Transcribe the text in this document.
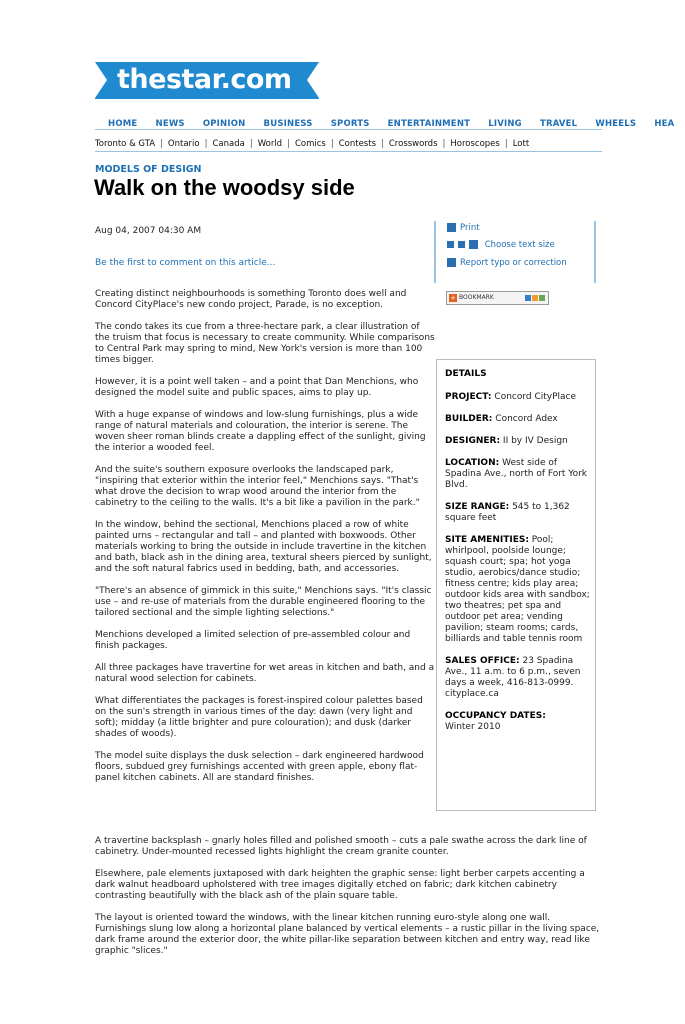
thestar.com
HOME NEWS OPINION BUSINESS SPORTS ENTERTAINMENT LIVING TRAVEL WHEELS HEA
Toronto & GTA | Ontario | Canada | World | Comics | Contests | Crosswords | Horoscopes | Lott
MODELS OF DESIGN
Walk on the woodsy side
Aug 04, 2007 04:30 AM
Be the first to comment on this article...
Print
Choose text size
Report typo or correction
+ BOOKMARK

Creating distinct neighbourhoods is something Toronto does well and Concord CityPlace's new condo project, Parade, is no exception.

The condo takes its cue from a three-hectare park, a clear illustration of the truism that focus is necessary to create community. While comparisons to Central Park may spring to mind, New York's version is more than 100 times bigger.

However, it is a point well taken – and a point that Dan Menchions, who designed the model suite and public spaces, aims to play up.

With a huge expanse of windows and low-slung furnishings, plus a wide range of natural materials and colouration, the interior is serene. The woven sheer roman blinds create a dappling effect of the sunlight, giving the interior a wooded feel.

And the suite's southern exposure overlooks the landscaped park, "inspiring that exterior within the interior feel," Menchions says. "That's what drove the decision to wrap wood around the interior from the cabinetry to the ceiling to the walls. It's a bit like a pavilion in the park."

In the window, behind the sectional, Menchions placed a row of white painted urns – rectangular and tall – and planted with boxwoods. Other materials working to bring the outside in include travertine in the kitchen and bath, black ash in the dining area, textural sheers pierced by sunlight, and the soft natural fabrics used in bedding, bath, and accessories.

"There's an absence of gimmick in this suite," Menchions says. "It's classic use – and re-use of materials from the durable engineered flooring to the tailored sectional and the simple lighting selections."

Menchions developed a limited selection of pre-assembled colour and finish packages.

All three packages have travertine for wet areas in kitchen and bath, and a natural wood selection for cabinets.

What differentiates the packages is forest-inspired colour palettes based on the sun's strength in various times of the day: dawn (very light and soft); midday (a little brighter and pure colouration); and dusk (darker shades of woods).

The model suite displays the dusk selection – dark engineered hardwood floors, subdued grey furnishings accented with green apple, ebony flat-panel kitchen cabinets. All are standard finishes.

DETAILS
PROJECT: Concord CityPlace
BUILDER: Concord Adex
DESIGNER: II by IV Design
LOCATION: West side of Spadina Ave., north of Fort York Blvd.
SIZE RANGE: 545 to 1,362 square feet
SITE AMENITIES: Pool; whirlpool, poolside lounge; squash court; spa; hot yoga studio, aerobics/dance studio; fitness centre; kids play area; outdoor kids area with sandbox; two theatres; pet spa and outdoor pet area; vending pavilion; steam rooms; cards, billiards and table tennis room
SALES OFFICE: 23 Spadina Ave., 11 a.m. to 6 p.m., seven days a week, 416-813-0999. cityplace.ca
OCCUPANCY DATES:
Winter 2010

A travertine backsplash – gnarly holes filled and polished smooth – cuts a pale swathe across the dark line of cabinetry. Under-mounted recessed lights highlight the cream granite counter.

Elsewhere, pale elements juxtaposed with dark heighten the graphic sense: light berber carpets accenting a dark walnut headboard upholstered with tree images digitally etched on fabric; dark kitchen cabinetry contrasting beautifully with the black ash of the plain square table.

The layout is oriented toward the windows, with the linear kitchen running euro-style along one wall. Furnishings slung low along a horizontal plane balanced by vertical elements – a rustic pillar in the living space, dark frame around the exterior door, the white pillar-like separation between kitchen and entry way, read like graphic "slices."
